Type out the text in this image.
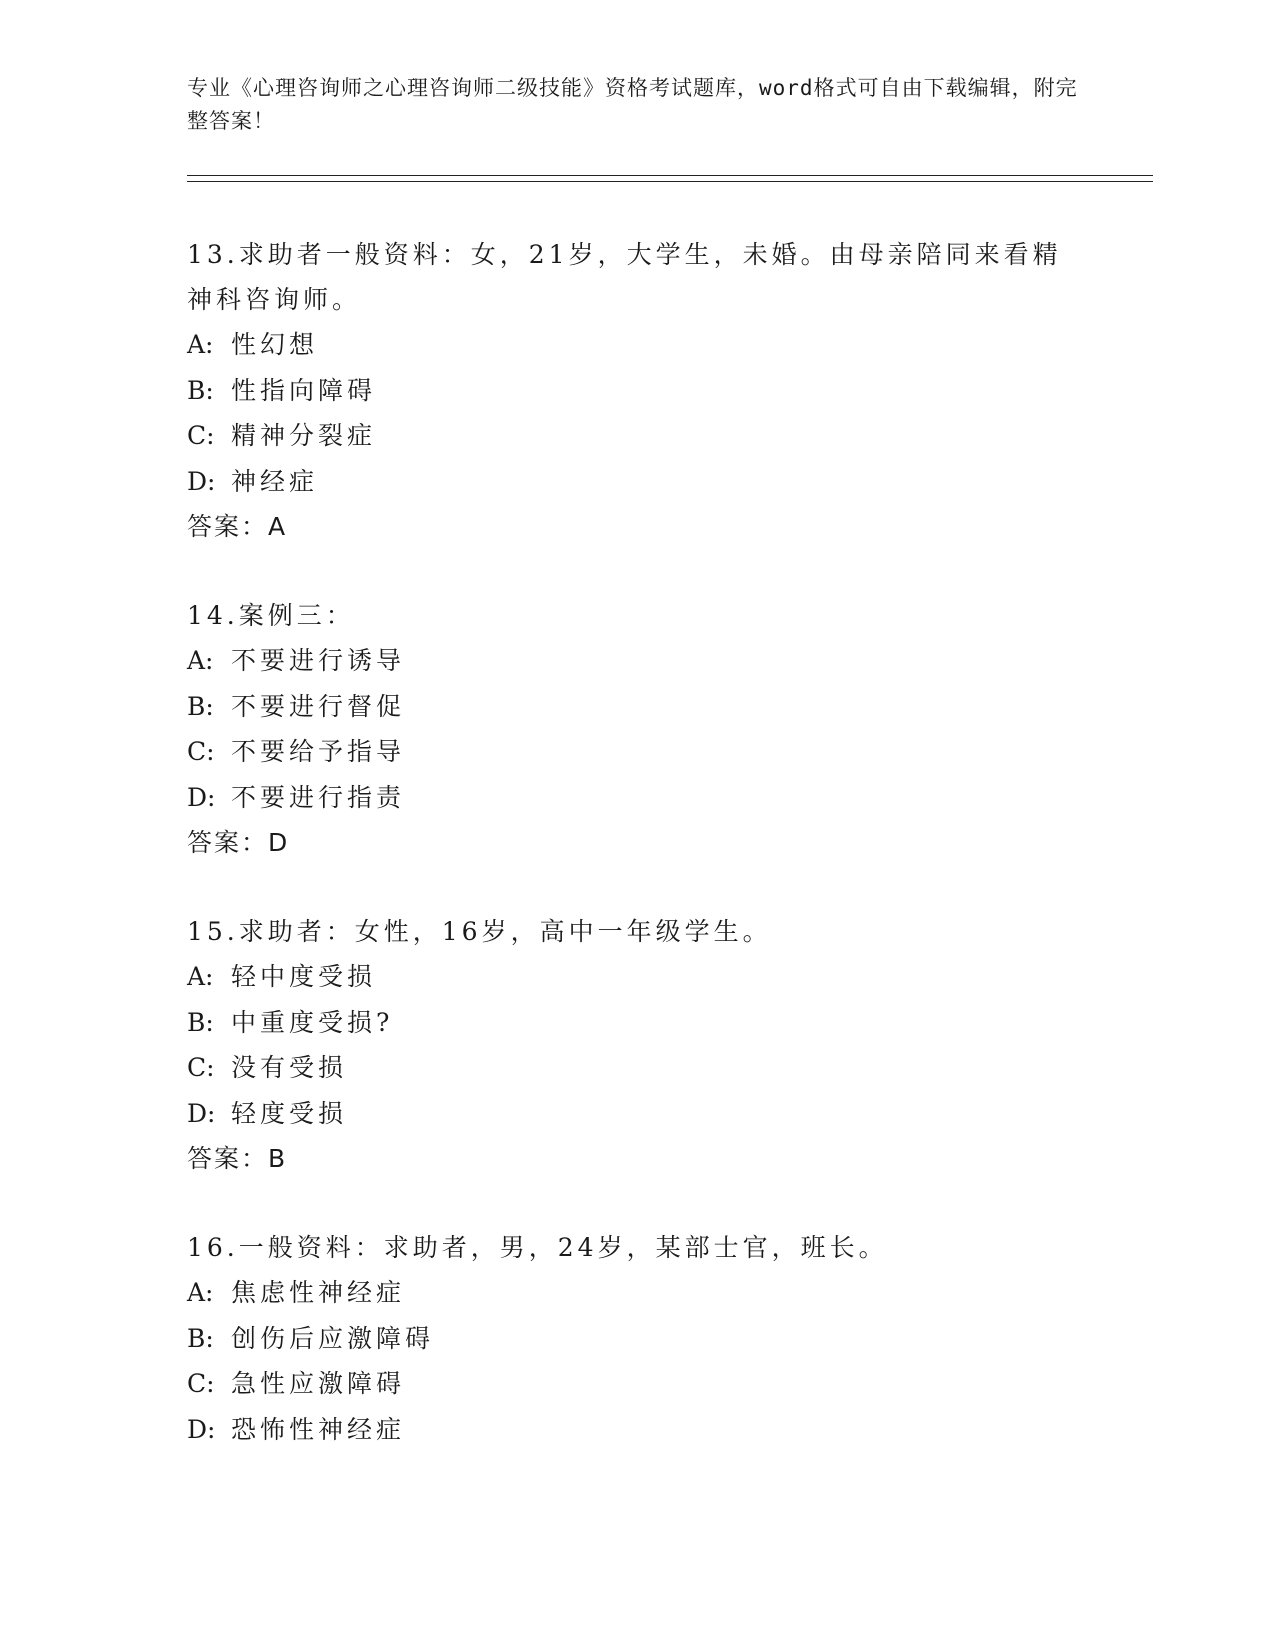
专业《心理咨询师之心理咨询师二级技能》资格考试题库，word格式可自由下载编辑，附完整答案！
13.求助者一般资料：女，21岁，大学生，未婚。由母亲陪同来看精神科咨询师。
A: 性幻想
B: 性指向障碍
C: 精神分裂症
D: 神经症
答案：A
14.案例三：
A: 不要进行诱导
B: 不要进行督促
C: 不要给予指导
D: 不要进行指责
答案：D
15.求助者：女性，16岁，高中一年级学生。
A: 轻中度受损
B: 中重度受损?
C: 没有受损
D: 轻度受损
答案：B
16.一般资料：求助者，男，24岁，某部士官，班长。
A: 焦虑性神经症
B: 创伤后应激障碍
C: 急性应激障碍
D: 恐怖性神经症
